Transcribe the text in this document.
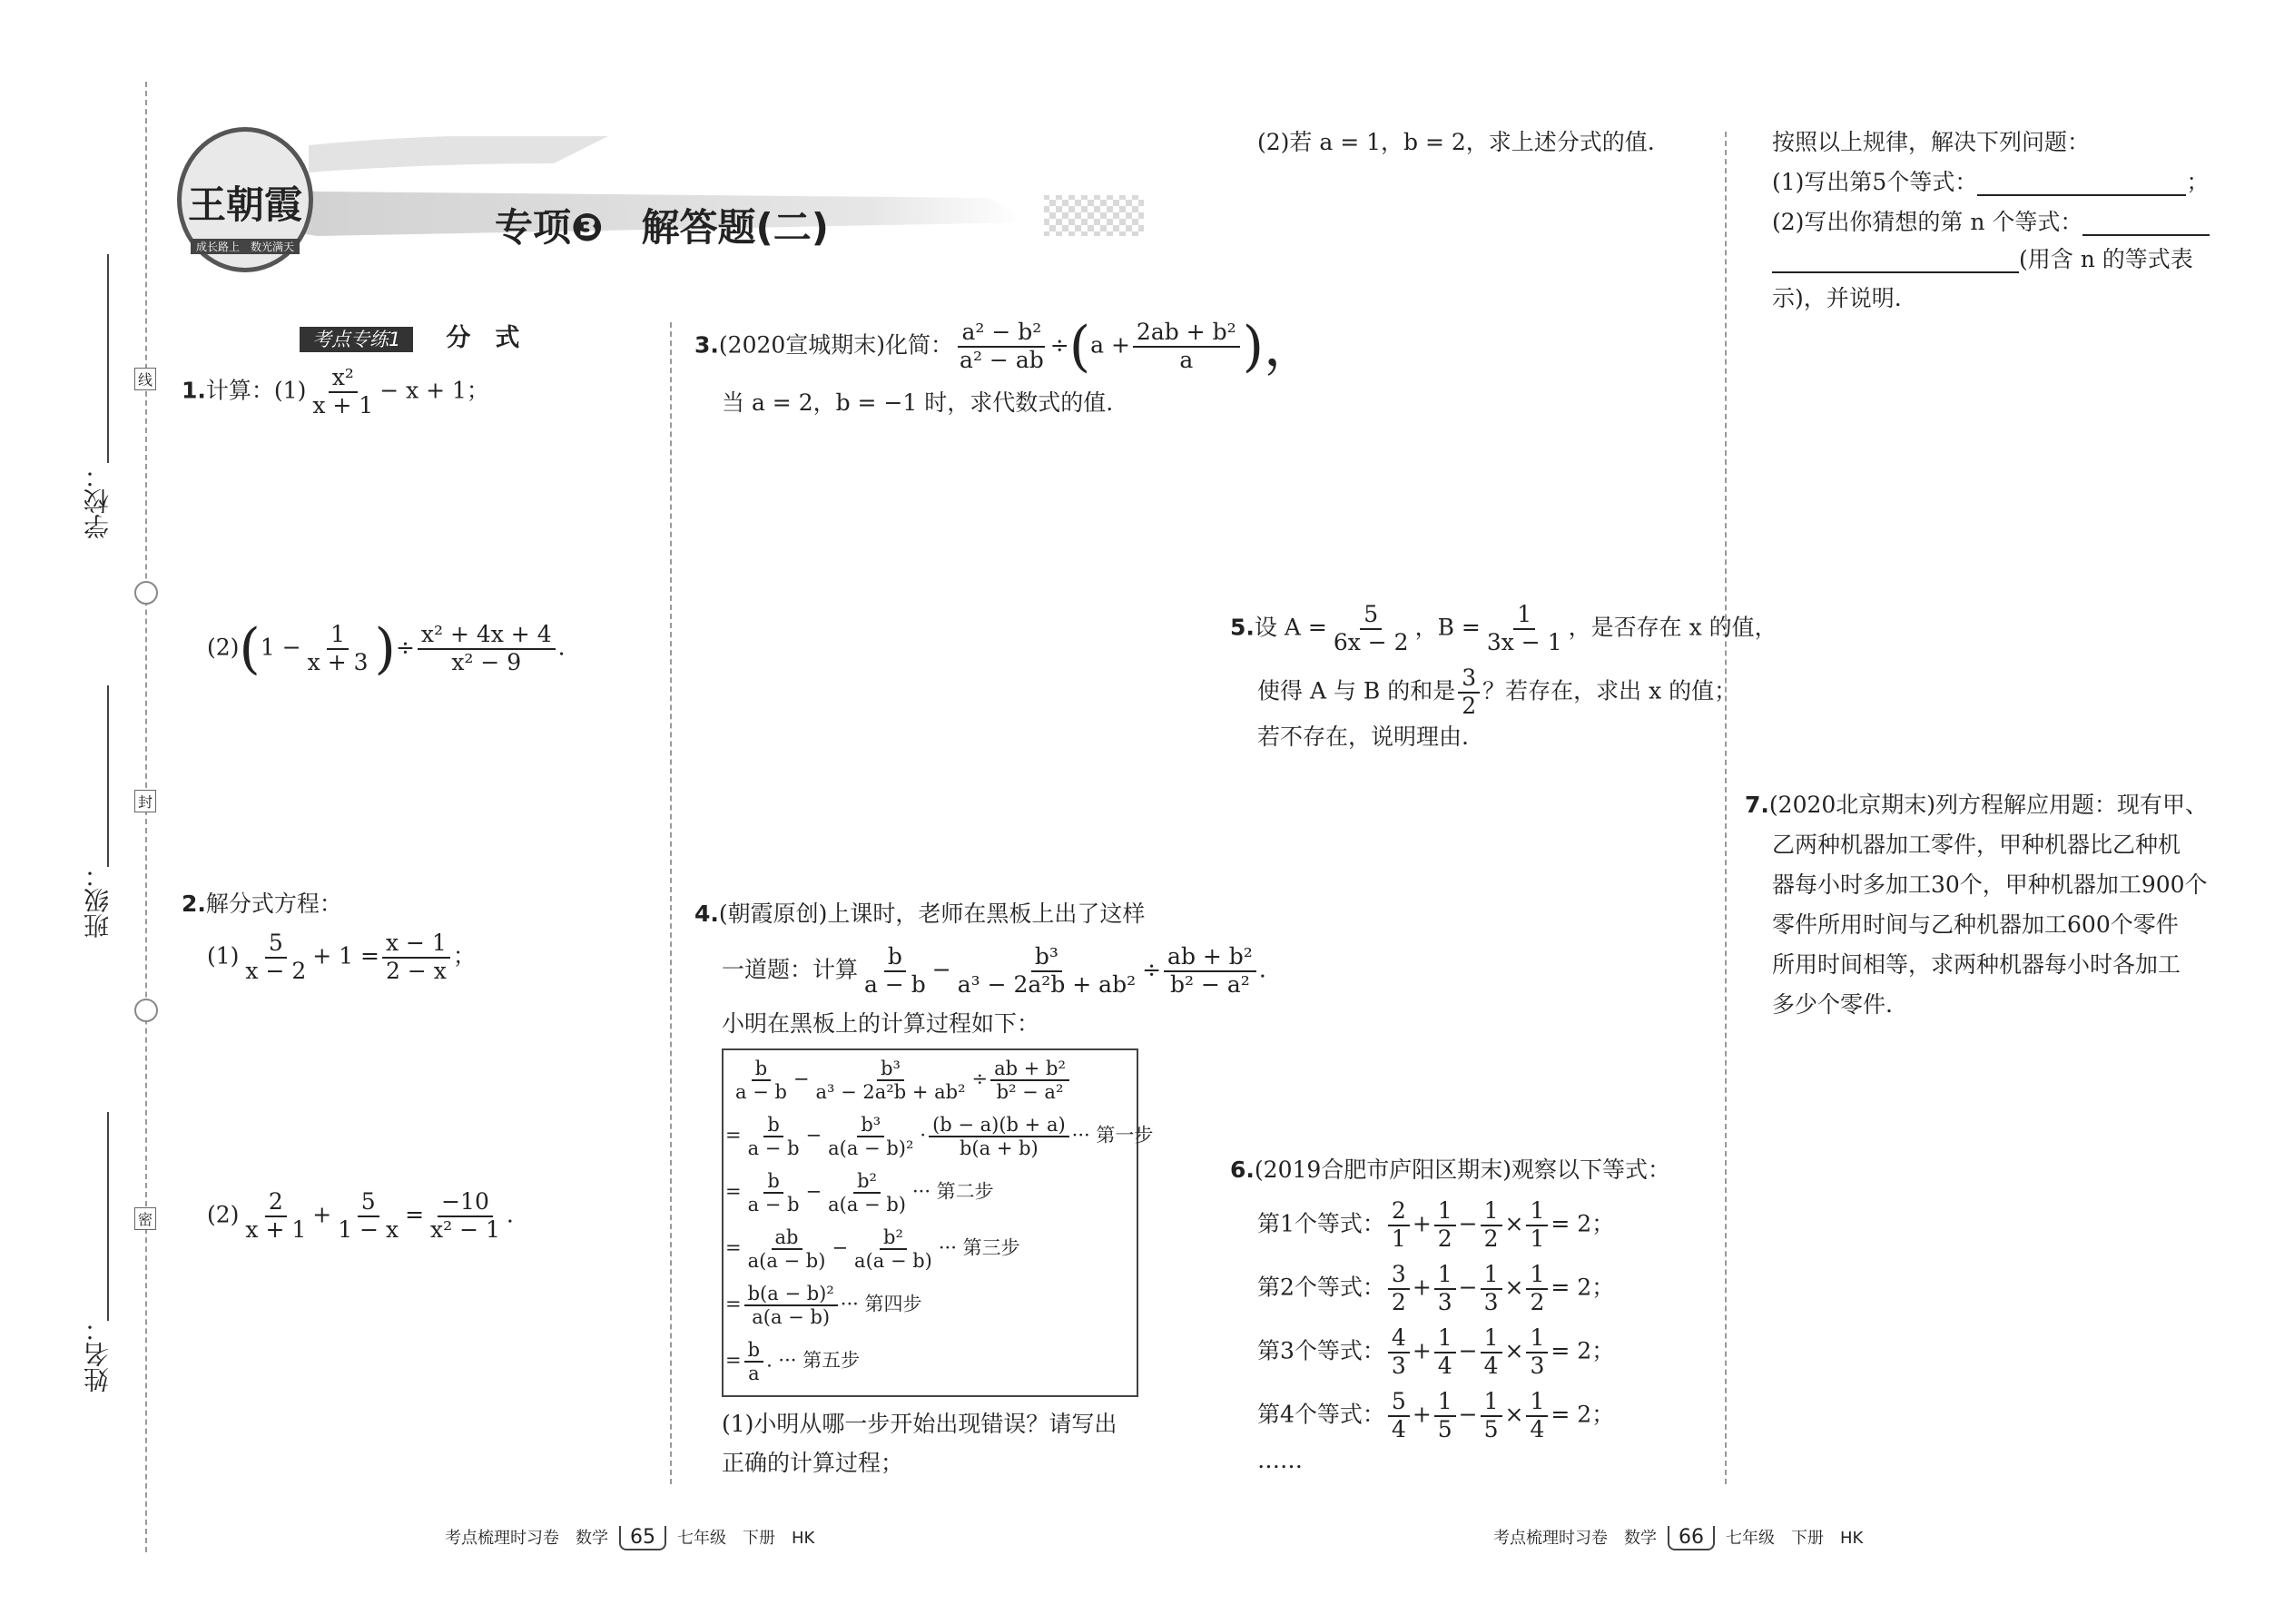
学校：
班级：
姓名：
线
封
密
王朝霞
成长路上　 数光满天	专项❸　解答题(二)
考点专练1 分　式
1.计算：$(1) \frac{\text{x²}}{x + 1} - x + 1$；
$(2)(1 - \frac{1}{x + 3}$ )÷ $\frac{\text{x² + 4x + 4}}{\text{x² − 9}}$ .
2.解分式方程：
$(1) \frac{5}{x - 2} + 1 = \frac{x - 1}{2 - x}$ ；
$(2) \frac{2}{x + 1} + \frac{5}{1 - x} = \frac{-10}{\text{x² − 1}}$ .
3.(2020宣城期末)化简： $\frac{\text{a² − b²}}{\text{a² − ab}} \div(a + \frac{\text{2ab + b²}}{a}$ )，
当 a = 2，b = −1 时，求代数式的值.
4.(朝霞原创)上课时，老师在黑板上出了这样
一道题：计算 $\frac{b}{a - b} - \frac{\text{b³}}{\text{a³ − 2a²b + ab²}} \div \frac{\text{ab + b²}}{\text{b² − a²}}$ .
小明在黑板上的计算过程如下：
$\frac{b}{a - b} - \frac{\text{b³}}{\text{a³ − 2a²b + ab²}} \div \frac{\text{ab + b²}}{\text{b² − a²}}$
= $\frac{b}{a - b} - \frac{\text{b³}}{\text{a(a − b)²}} \cdot \frac{(b - a)(b + a)}{b(a + b)}$ ··· 第一步
= $\frac{b}{a - b} - \frac{\text{b²}}{a(a - b)}$ ··· 第二步
= $\frac{ab}{a(a - b)} - \frac{\text{b²}}{a(a - b)}$ ··· 第三步
= $\frac{\text{b(a − b)²}}{a(a - b)}$ ··· 第四步
= $\frac{b}{a}$ . ··· 第五步
(1)小明从哪一步开始出现错误？请写出
正确的计算过程；
(2)若 a = 1，b = 2，求上述分式的值.
5.设 $A = \frac{5}{6x - 2}$ ，$B = \frac{1}{3x - 1}$ ，是否存在 x 的值，
使得 A 与 B 的和是 $\frac{3}{2}$ ？若存在，求出 x 的值；
若不存在，说明理由.
6.(2019合肥市庐阳区期末)观察以下等式：
第1个等式： $\frac{2}{1} + \frac{1}{2} - \frac{1}{2} \times \frac{1}{1} = 2$；
第2个等式： $\frac{3}{2} + \frac{1}{3} - \frac{1}{3} \times \frac{1}{2} = 2$；
第3个等式： $\frac{4}{3} + \frac{1}{4} - \frac{1}{4} \times \frac{1}{3} = 2$；
第4个等式： $\frac{5}{4} + \frac{1}{5} - \frac{1}{5} \times \frac{1}{4} = 2$；
……
按照以上规律，解决下列问题：
(1)写出第5个等式：	；
(2)写出你猜想的第 n 个等式：
(用含 n 的等式表
示)，并说明.
7.(2020北京期末)列方程解应用题：现有甲、
乙两种机器加工零件，甲种机器比乙种机
器每小时多加工30个，甲种机器加工900个
零件所用时间与乙种机器加工600个零件
所用时间相等，求两种机器每小时各加工
多少个零件.
考点梳理时习卷　数学 65 七年级　下册　HK	考点梳理时习卷　数学 66 七年级　下册　HK
